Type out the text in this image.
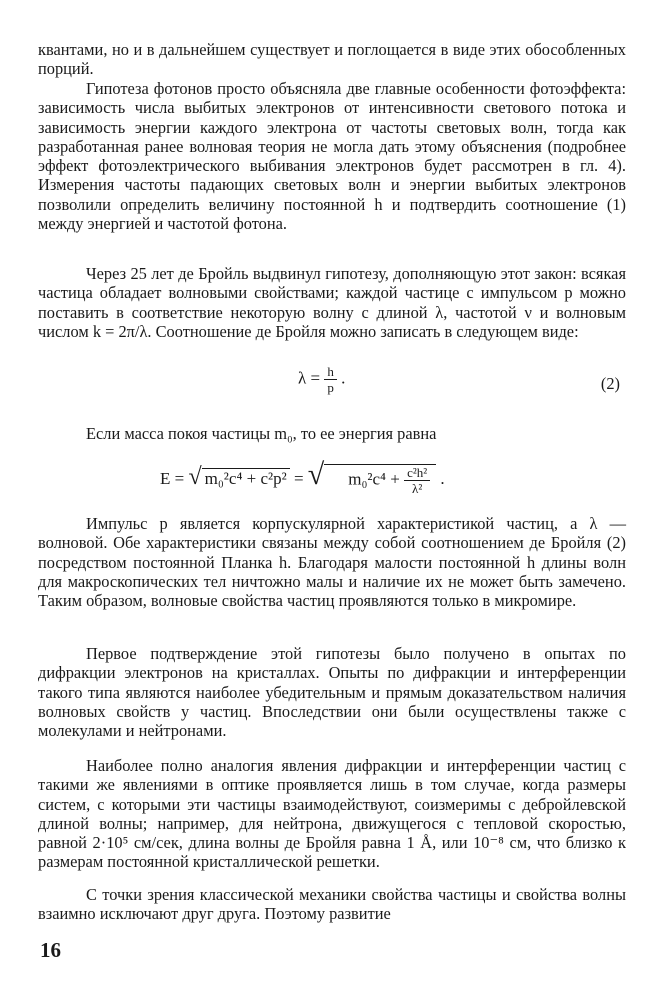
квантами, но и в дальнейшем существует и поглощается в виде этих обособленных порций.

Гипотеза фотонов просто объясняла две главные особенности фотоэффекта: зависимость числа выбитых электронов от интенсивности светового потока и зависимость энергии каждого электрона от частоты световых волн, тогда как разработанная ранее волновая теория не могла дать этому объяснения (подробнее эффект фотоэлектрического выбивания электронов будет рассмотрен в гл. 4). Измерения частоты падающих световых волн и энергии выбитых электронов позволили определить величину постоянной h и подтвердить соотношение (1) между энергией и частотой фотона.

Через 25 лет де Бройль выдвинул гипотезу, дополняющую этот закон: всякая частица обладает волновыми свойствами; каждой частице с импульсом p можно поставить в соответствие некоторую волну с длиной λ, частотой ν и волновым числом k = 2π/λ. Соотношение де Бройля можно записать в следующем виде:

$\lambda = \frac{h}{p}$ .	(2)

Если масса покоя частицы m₀, то ее энергия равна

E = √ m₀²c⁴ + c²p² = √ $m_0^2c^4 + \frac{\text{c²h²}}{\text{λ²}}$ .

Импульс p является корпускулярной характеристикой частиц, а λ — волновой. Обе характеристики связаны между собой соотношением де Бройля (2) посредством постоянной Планка h. Благодаря малости постоянной h длины волн для макроскопических тел ничтожно малы и наличие их не может быть замечено. Таким образом, волновые свойства частиц проявляются только в микромире.

Первое подтверждение этой гипотезы было получено в опытах по дифракции электронов на кристаллах. Опыты по дифракции и интерференции такого типа являются наиболее убедительным и прямым доказательством наличия волновых свойств у частиц. Впоследствии они были осуществлены также с молекулами и нейтронами.

Наиболее полно аналогия явления дифракции и интерференции частиц с такими же явлениями в оптике проявляется лишь в том случае, когда размеры систем, с которыми эти частицы взаимодействуют, соизмеримы с дебройлевской длиной волны; например, для нейтрона, движущегося с тепловой скоростью, равной 2·10⁵ см/сек, длина волны де Бройля равна 1 Å, или 10⁻⁸ см, что близко к размерам постоянной кристаллической решетки.

С точки зрения классической механики свойства частицы и свойства волны взаимно исключают друг друга. Поэтому развитие

16
